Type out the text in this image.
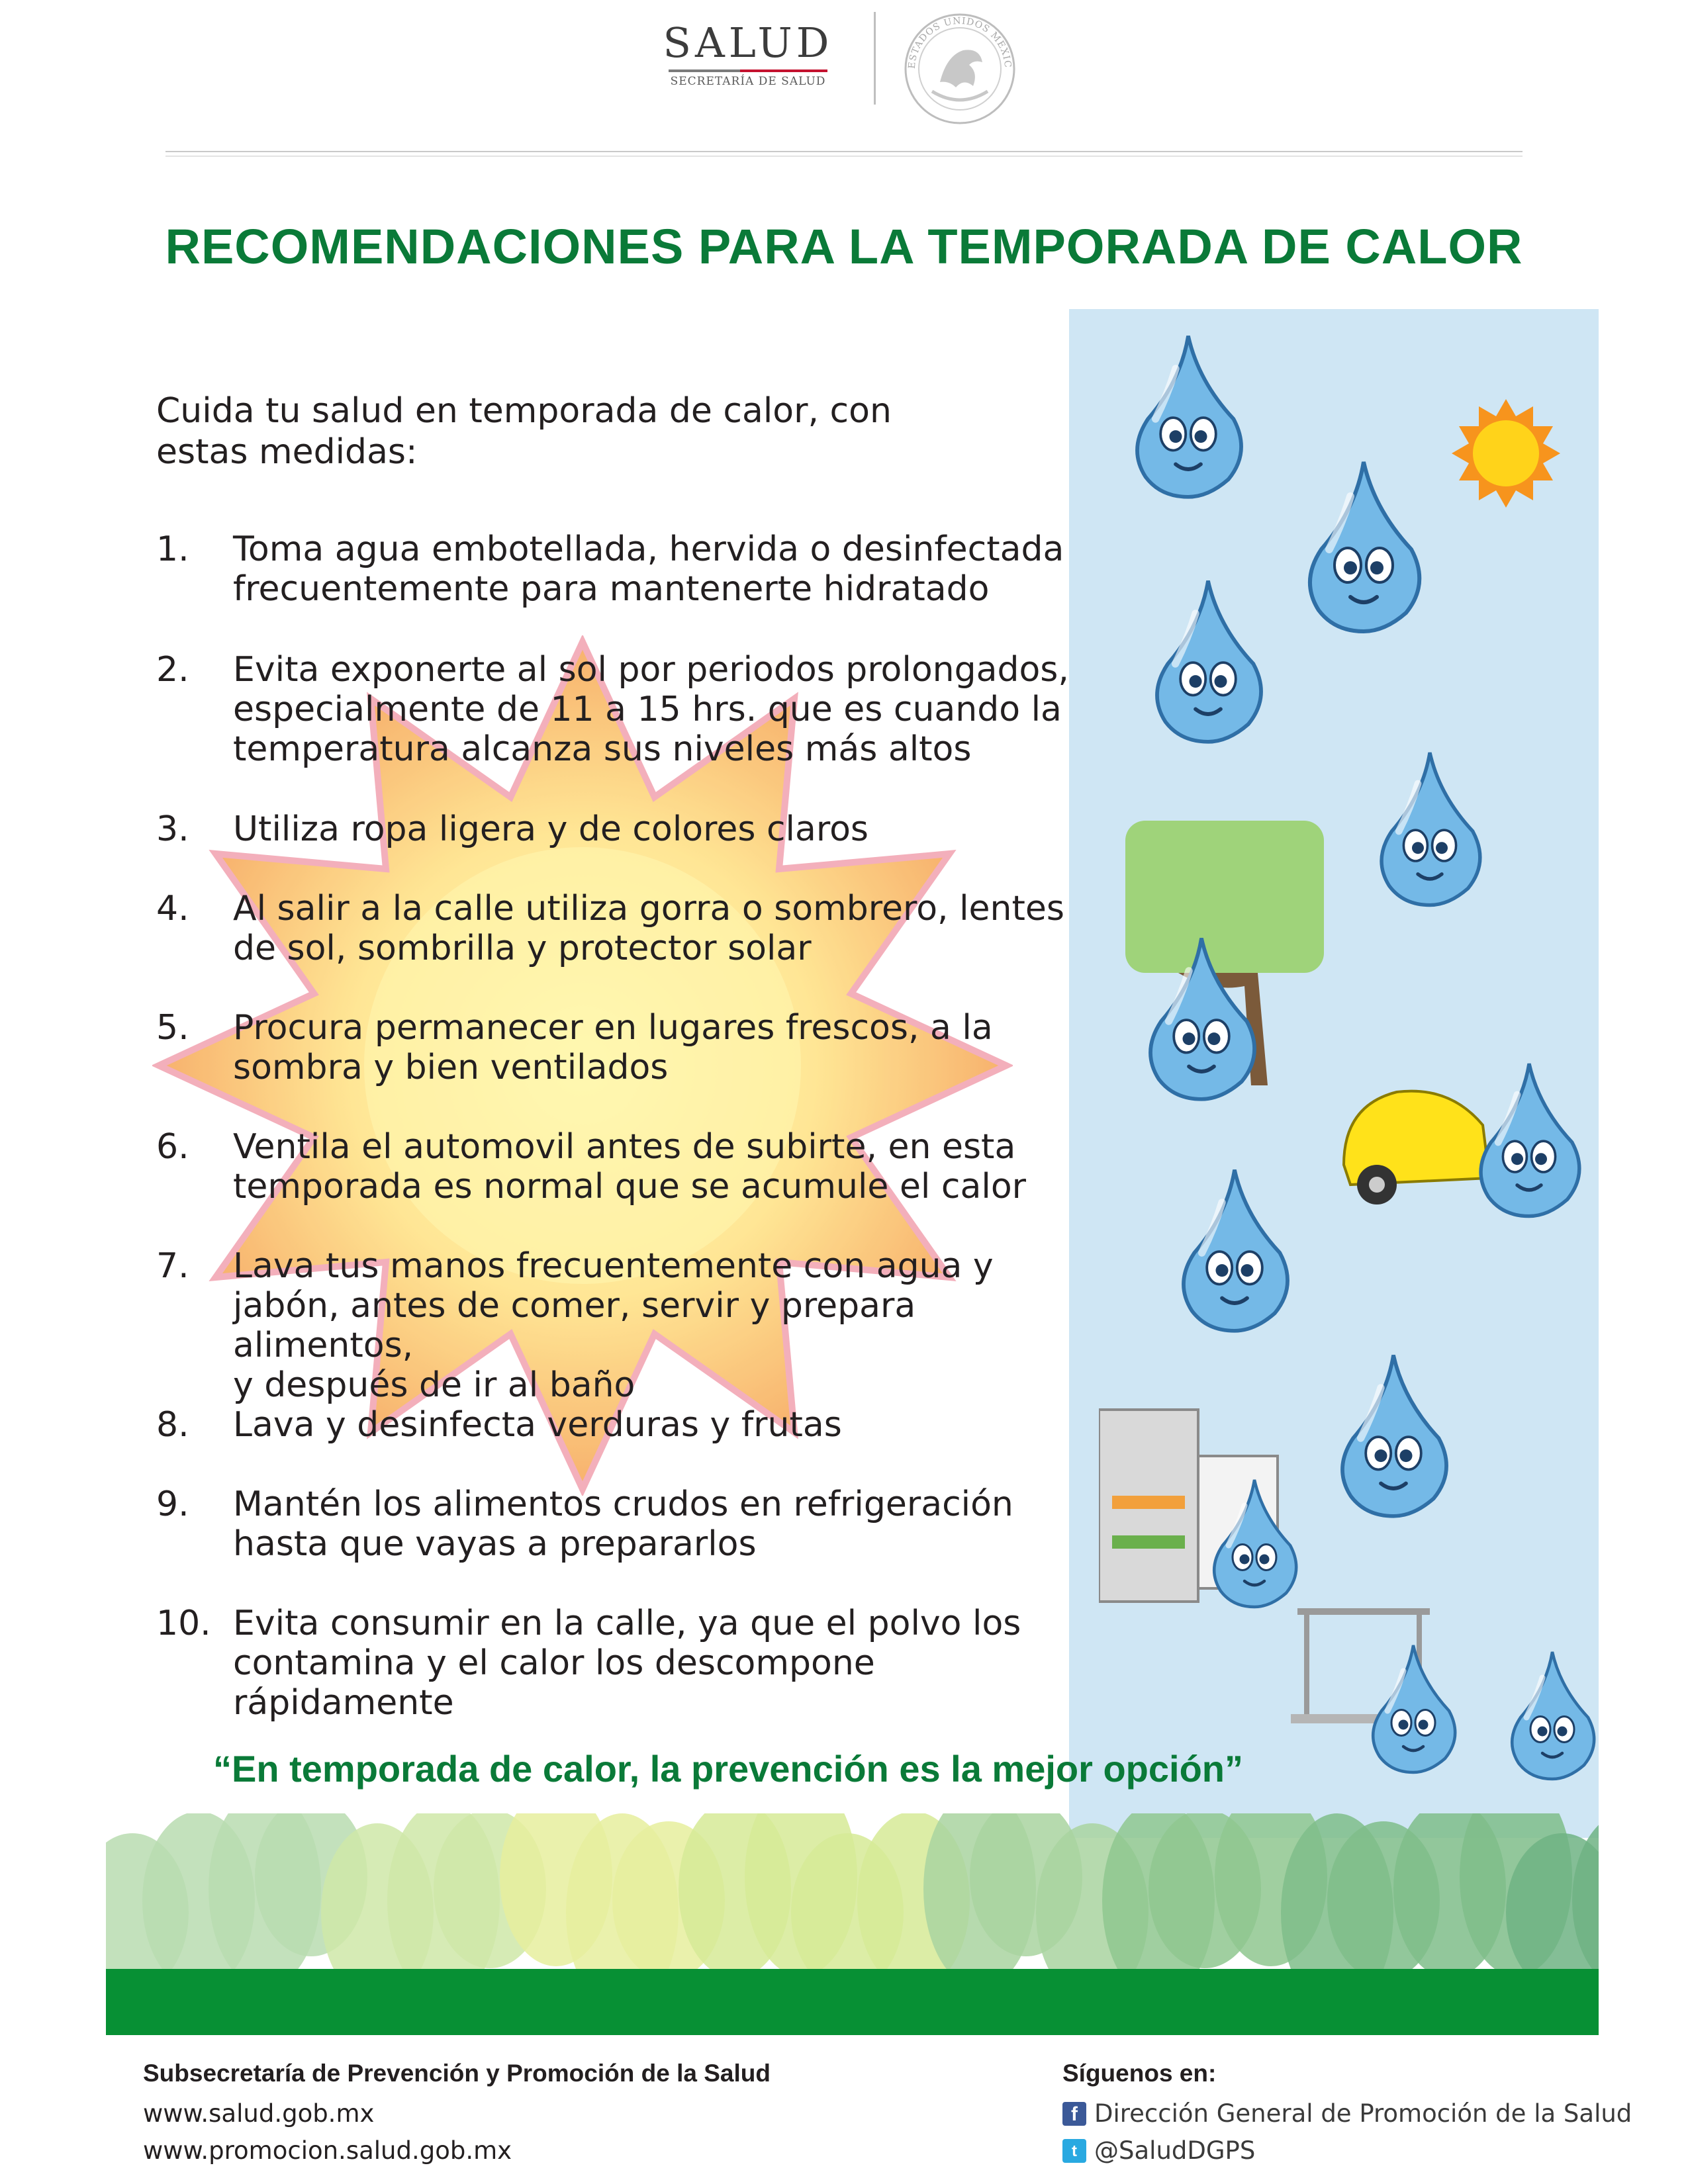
SALUD
SECRETARÍA DE SALUD
ESTADOS UNIDOS MEXIC
RECOMENDACIONES PARA LA TEMPORADA DE CALOR
Cuida tu salud en temporada de calor, con estas medidas:
1.	Toma agua embotellada, hervida o desinfectada
frecuentemente para mantenerte hidratado
2.	Evita exponerte al sol por periodos prolongados,
especialmente de 11 a 15 hrs. que es cuando la
temperatura alcanza sus niveles más altos
3.	Utiliza ropa ligera y de colores claros
4.	Al salir a la calle utiliza gorra o sombrero, lentes
de sol, sombrilla y protector solar
5.	Procura permanecer en lugares frescos, a la
sombra y bien ventilados
6.	Ventila el automovil antes de subirte, en esta
temporada es normal que se acumule el calor
7.	Lava tus manos frecuentemente con agua y
jabón, antes de comer, servir y prepara alimentos,
y después de ir al baño
8.	Lava y desinfecta verduras y frutas
9.	Mantén los alimentos crudos en refrigeración
hasta que vayas a prepararlos
10. Evita consumir en la calle, ya que el polvo los
contamina y el calor los descompone rápidamente
“En temporada de calor, la prevención es la mejor opción”
Subsecretaría de Prevención y Promoción de la Salud
www.salud.gob.mx
www.promocion.salud.gob.mx
Síguenos en:
f Dirección General de Promoción de la Salud
t @SaludDGPS
